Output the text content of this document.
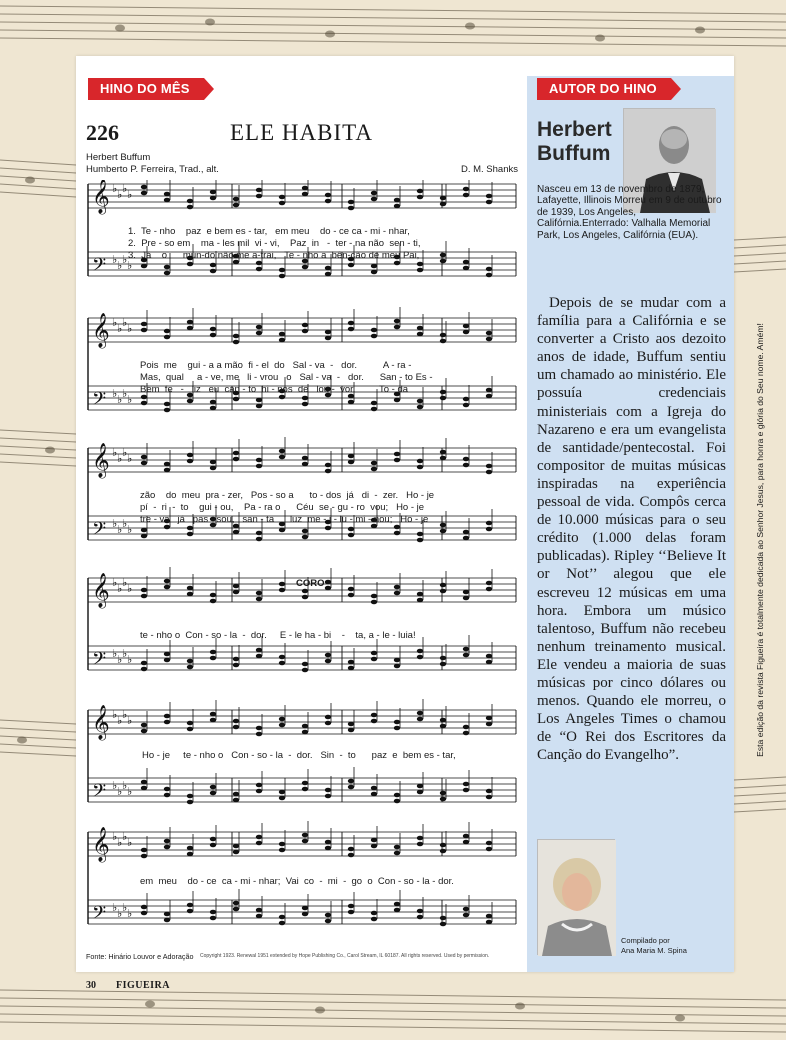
HINO DO MÊS	AUTOR DO HINO
226	ELE HABITA
Herbert Buffum
Humberto P. Ferreira, Trad., alt.	D. M. Shanks
𝄞 ♭ ♭ ♭ ♭
𝄢 ♭ ♭ ♭ ♭
𝄞 ♭ ♭ ♭ ♭
𝄢 ♭ ♭ ♭ ♭
𝄞 ♭ ♭ ♭ ♭
𝄢 ♭ ♭ ♭ ♭
𝄞 ♭ ♭ ♭ ♭
𝄢 ♭ ♭ ♭ ♭
𝄞 ♭ ♭ ♭ ♭
𝄢 ♭ ♭ ♭ ♭
𝄞 ♭ ♭ ♭ ♭
𝄢 ♭ ♭ ♭ ♭
1.  Te - nho    paz  e bem es - tar,   em meu    do - ce ca - mi - nhar,
2.  Pre - so em    ma - les mil  vi - vi,    Paz  in   -  ter - na não  sen - ti,
3.  Já    o      mun-do não me a-trai,   Te - nho a  bên-ção de meu Pai,
Pois  me    gui - a a mão  fi - el  do   Sal - va  -   dor.          A - ra -
Mas,  qual     a - ve, me   li - vrou   o   Sal - va  -   dor.      San - to Es -
Bem  fe   -   liz   eu  can - to  hi - nos  de   lou -  vor.         To - da
zão    do  meu  pra - zer,   Pos - so a      to - dos  já   di  -  zer.   Ho - je
pí  -  ri  -  to    gui - ou,    Pa - ra o      Céu  se - gu - ro  vou;   Ho - je
tre - va   já   pas - sou,   san - ta      luz  me - i - lu - mi - nou;   Ho - je
CORO
te - nho o  Con - so - la  -  dor.     E - le ha - bi    -    ta, a - le - luia!
Ho - je     te - nho o   Con - so - la  -  dor.   Sin  -  to      paz  e  bem es - tar,
em  meu    do - ce  ca - mi - nhar;  Vai  co  -  mi  -  go  o  Con - so - la - dor.
Fonte: Hinário Louvor e Adoração Copyright 1923. Renewal 1951 extended by Hope Publishing Co., Carol Stream, IL 60187. All rights reserved. Used by permission.
Herbert
Buffum
Nasceu em 13 de novembro de 1879, Lafayette, Illinois Morreu em 9 de outubro de 1939, Los Angeles, Califórnia.Enterrado: Valhalla Memorial Park, Los Angeles, Califórnia (EUA).
Depois de se mudar com a família para a Califórnia e se converter a Cristo aos dezoito anos de idade, Buffum sentiu um chamado ao ministério. Ele possuía credenciais ministeriais com a Igreja do Nazareno e era um evangelista de santidade/pentecostal. Foi compositor de muitas músicas inspiradas na experiência pessoal de vida. Compôs cerca de 10.000 músicas para o seu crédito (1.000 delas foram publicadas). Ripley ‘‘Believe It or Not’’ alegou que ele escreveu 12 músicas em uma hora. Embora um músico talentoso, Buffum não recebeu nenhum treinamento musical. Ele vendeu a maioria de suas músicas por cinco dólares ou menos. Quando ele morreu, o Los Angeles Times o chamou de “O Rei dos Escritores da Canção do Evangelho”.
Compilado por
Ana Maria M. Spina
Esta edição da revista Figueira é totalmente dedicada ao Senhor Jesus, para honra e glória do Seu nome. Amém!
30 FIGUEIRA
